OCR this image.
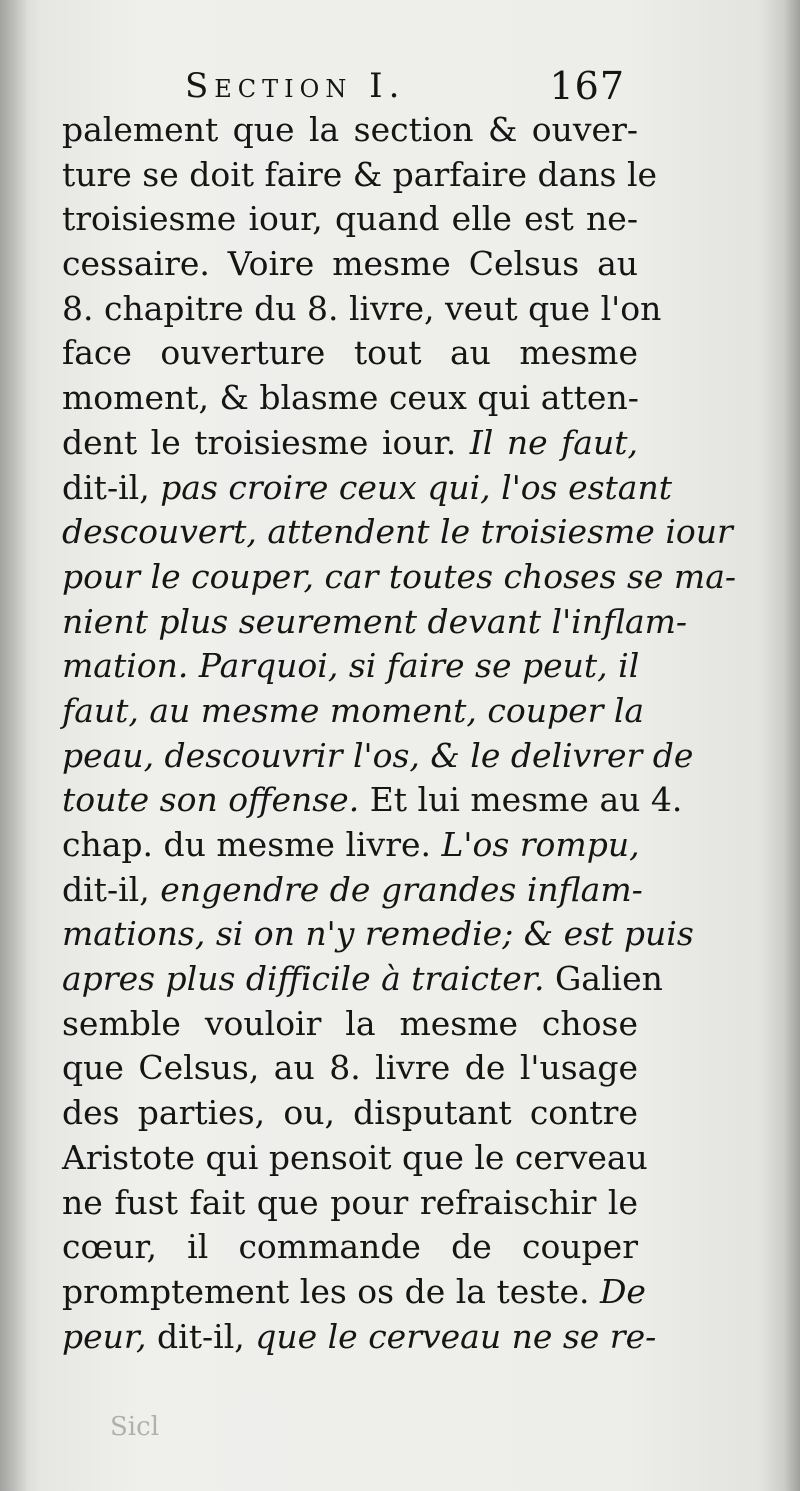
Section I.	167
palement que la section & ouver-
ture se doit faire & parfaire dans le
troisiesme iour, quand elle est ne-
cessaire. Voire mesme Celsus au
8. chapitre du 8. livre, veut que l'on
face ouverture tout au mesme
moment, & blasme ceux qui atten-
dent le troisiesme iour. Il ne faut,
dit-il, pas croire ceux qui, l'os estant
descouvert, attendent le troisiesme iour
pour le couper, car toutes choses se ma-
nient plus seurement devant l'inflam-
mation. Parquoi, si faire se peut, il
faut, au mesme moment, couper la
peau, descouvrir l'os, & le delivrer de
toute son offense. Et lui mesme au 4.
chap. du mesme livre. L'os rompu,
dit-il, engendre de grandes inflam-
mations, si on n'y remedie; & est puis
apres plus difficile à traicter. Galien
semble vouloir la mesme chose
que Celsus, au 8. livre de l'usage
des parties, ou, disputant contre
Aristote qui pensoit que le cerveau
ne fust fait que pour refraischir le
cœur, il commande de couper
promptement les os de la teste. De
peur, dit-il, que le cerveau ne se re-
Sicl
